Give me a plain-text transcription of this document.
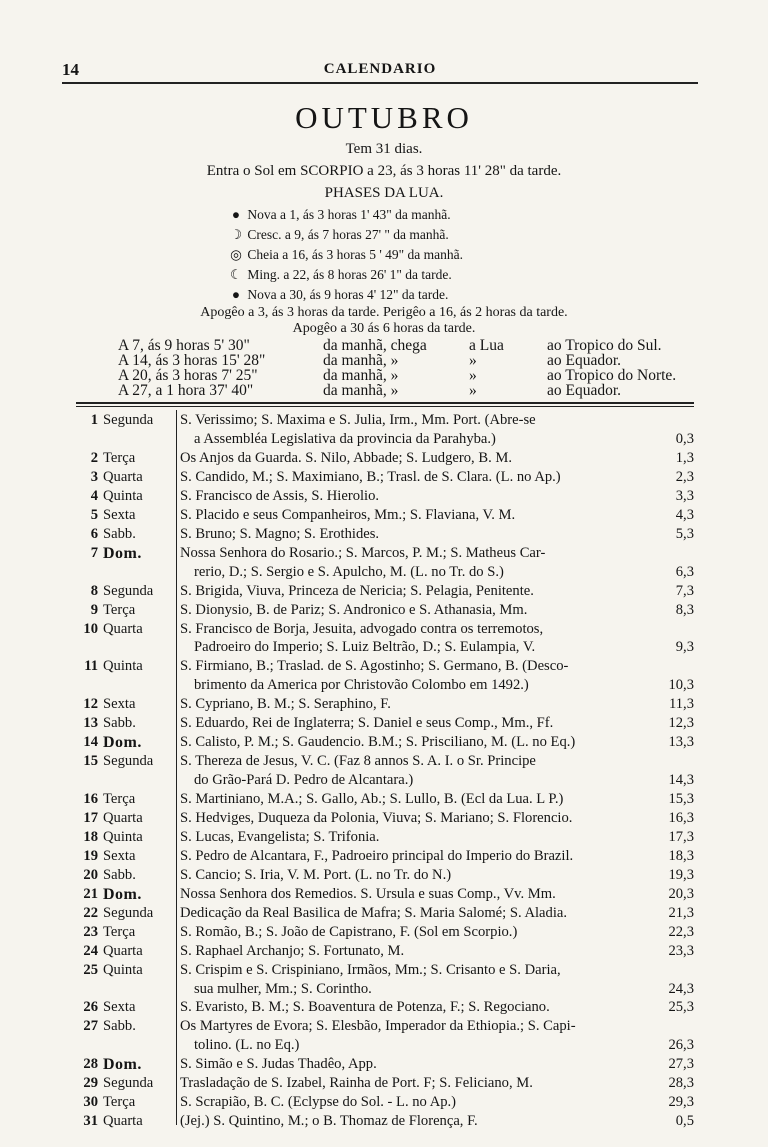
14	CALENDARIO
OUTUBRO
Tem 31 dias.
Entra o Sol em SCORPIO a 23, ás 3 horas 11' 28" da tarde.
PHASES DA LUA.
● Nova a 1, ás 3 horas 1' 43" da manhã.
☽ Cresc. a 9, ás 7 horas 27' " da manhã.
◎ Cheia a 16, ás 3 horas 5 ' 49" da manhã.
☾ Ming. a 22, ás 8 horas 26' 1" da tarde.
● Nova a 30, ás 9 horas 4' 12" da tarde.
Apogêo a 3, ás 3 horas da tarde. Perigêo a 16, ás 2 horas da tarde.
Apogêo a 30 ás 6 horas da tarde.
A 7, ás 9 horas 5' 30"	da manhã, chega	a Lua	ao Tropico do Sul.
A 14, ás 3 horas 15' 28"	da manhã, »	»	ao Equador.
A 20, ás 3 horas 7' 25"	da manhã, »	»	ao Tropico do Norte.
A 27, a 1 hora 37' 40"	da manhã, »	»	ao Equador.
1 Segunda S. Verissimo; S. Maxima e S. Julia, Irm., Mm. Port. (Abre-se
a Assembléa Legislativa da provincia da Parahyba.)	0,3
2 Terça	Os Anjos da Guarda. S. Nilo, Abbade; S. Ludgero, B. M.	1,3
3 Quarta	S. Candido, M.; S. Maximiano, B.; Trasl. de S. Clara. (L. no Ap.)	2,3
4 Quinta	S. Francisco de Assis, S. Hierolio.	3,3
5 Sexta	S. Placido e seus Companheiros, Mm.; S. Flaviana, V. M.	4,3
6 Sabb.	S. Bruno; S. Magno; S. Erothides.	5,3
7 Dom.	Nossa Senhora do Rosario.; S. Marcos, P. M.; S. Matheus Car-
rerio, D.; S. Sergio e S. Apulcho, M. (L. no Tr. do S.)	6,3
8 Segunda S. Brigida, Viuva, Princeza de Nericia; S. Pelagia, Penitente.	7,3
9 Terça	S. Dionysio, B. de Pariz; S. Andronico e S. Athanasia, Mm.	8,3
10 Quarta	S. Francisco de Borja, Jesuita, advogado contra os terremotos,
Padroeiro do Imperio; S. Luiz Beltrão, D.; S. Eulampia, V.	9,3
11 Quinta	S. Firmiano, B.; Traslad. de S. Agostinho; S. Germano, B. (Desco-
brimento da America por Christovão Colombo em 1492.)	10,3
12 Sexta	S. Cypriano, B. M.; S. Seraphino, F.	11,3
13 Sabb.	S. Eduardo, Rei de Inglaterra; S. Daniel e seus Comp., Mm., Ff.	12,3
14 Dom.	S. Calisto, P. M.; S. Gaudencio. B.M.; S. Prisciliano, M. (L. no Eq.)	13,3
15 Segunda S. Thereza de Jesus, V. C. (Faz 8 annos S. A. I. o Sr. Principe
do Grão-Pará D. Pedro de Alcantara.)	14,3
16 Terça	S. Martiniano, M.A.; S. Gallo, Ab.; S. Lullo, B. (Ecl da Lua. L P.)	15,3
17 Quarta	S. Hedviges, Duqueza da Polonia, Viuva; S. Mariano; S. Florencio.	16,3
18 Quinta	S. Lucas, Evangelista; S. Trifonia.	17,3
19 Sexta	S. Pedro de Alcantara, F., Padroeiro principal do Imperio do Brazil.	18,3
20 Sabb.	S. Cancio; S. Iria, V. M. Port. (L. no Tr. do N.)	19,3
21 Dom.	Nossa Senhora dos Remedios. S. Ursula e suas Comp., Vv. Mm.	20,3
22 Segunda Dedicação da Real Basilica de Mafra; S. Maria Salomé; S. Aladia.	21,3
23 Terça	S. Romão, B.; S. João de Capistrano, F. (Sol em Scorpio.)	22,3
24 Quarta	S. Raphael Archanjo; S. Fortunato, M.	23,3
25 Quinta	S. Crispim e S. Crispiniano, Irmãos, Mm.; S. Crisanto e S. Daria,
sua mulher, Mm.; S. Corintho.	24,3
26 Sexta	S. Evaristo, B. M.; S. Boaventura de Potenza, F.; S. Regociano.	25,3
27 Sabb.	Os Martyres de Evora; S. Elesbão, Imperador da Ethiopia.; S. Capi-
tolino. (L. no Eq.)	26,3
28 Dom.	S. Simão e S. Judas Thadêo, App.	27,3
29 Segunda Trasladação de S. Izabel, Rainha de Port. F; S. Feliciano, M.	28,3
30 Terça	S. Scrapião, B. C. (Eclypse do Sol. - L. no Ap.)	29,3
31 Quarta	(Jej.) S. Quintino, M.; o B. Thomaz de Florença, F.	0,5
